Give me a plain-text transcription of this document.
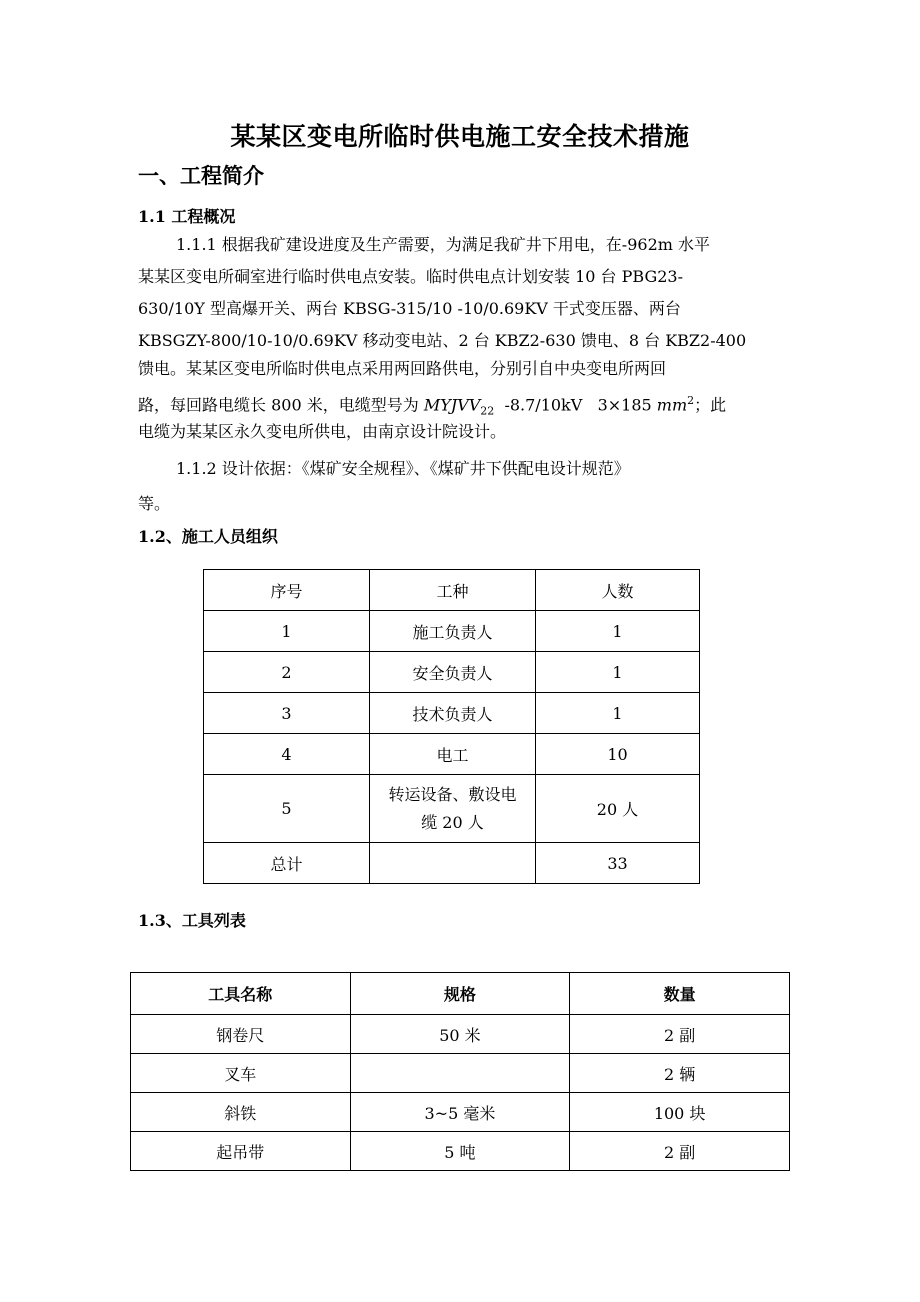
某某区变电所临时供电施工安全技术措施
一、工程简介
1.1 工程概况
1.1.1 根据我矿建设进度及生产需要，为满足我矿井下用电，在-962m 水平
某某区变电所硐室进行临时供电点安装。临时供电点计划安装 10 台 PBG23-
630/10Y 型高爆开关、两台 KBSG-315/10 -10/0.69KV 干式变压器、两台
KBSGZY-800/10-10/0.69KV 移动变电站、2 台 KBZ2-630 馈电、8 台 KBZ2-400
馈电。某某区变电所临时供电点采用两回路供电，分别引自中央变电所两回
路，每回路电缆长 800 米，电缆型号为 $MYJVV_{22}$  -8.7/10kV   3×185 $mm^2$；此
电缆为某某区永久变电所供电，由南京设计院设计。
1.1.2 设计依据：《煤矿安全规程》、《煤矿井下供配电设计规范》
等。
1.2、施工人员组织
序号	工种	人数
1	施工负责人	1
2	安全负责人	1
3	技术负责人	1
4	电工	10
5	转运设备、敷设电
缆 20 人	20 人
总计		33
1.3、工具列表
工具名称	规格	数量
钢卷尺	50 米	2 副
叉车		2 辆
斜铁	3~5 毫米	100 块
起吊带	5 吨	2 副
